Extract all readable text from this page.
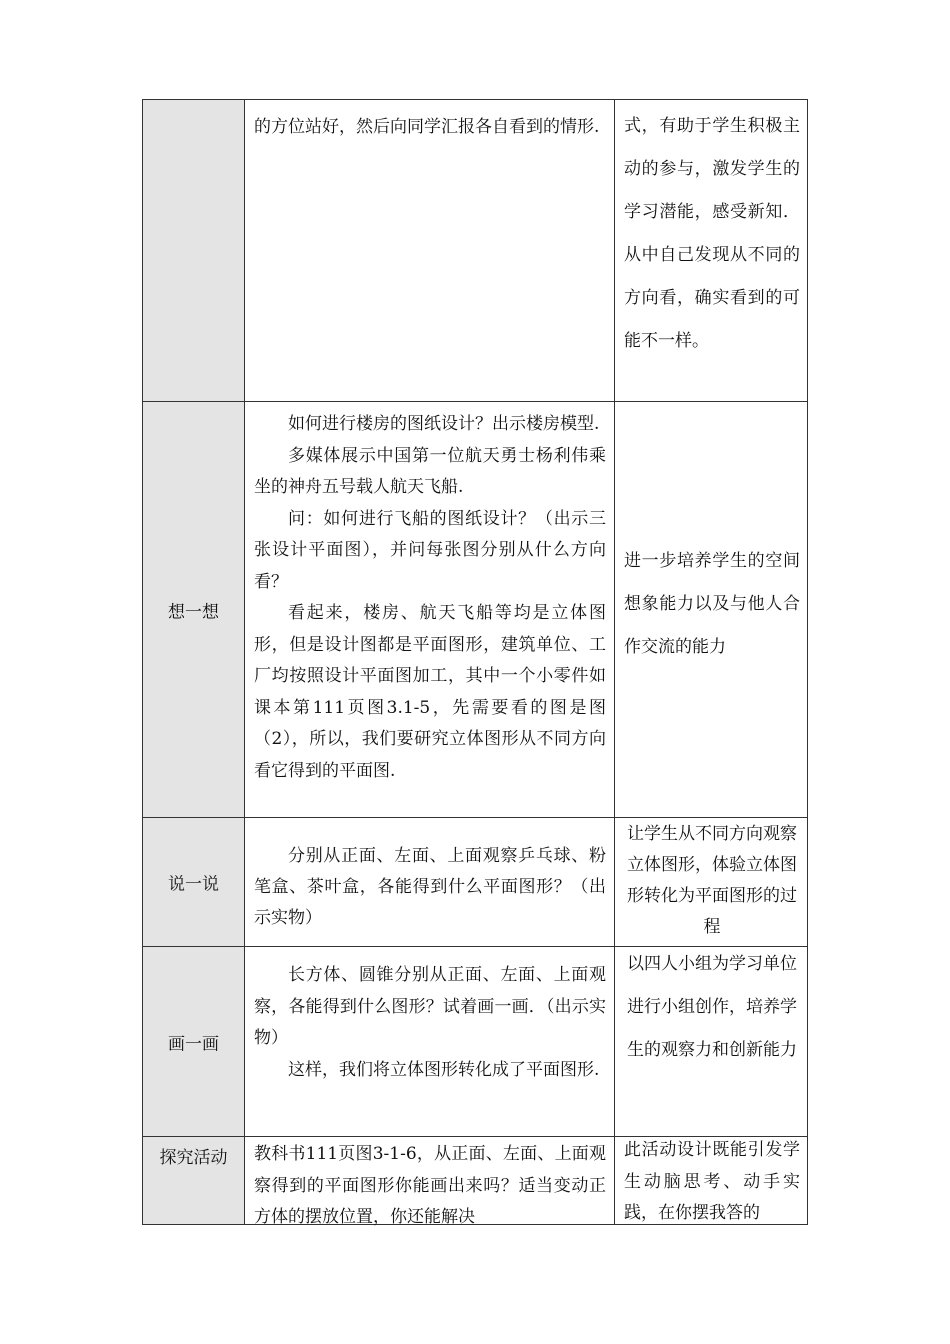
的方位站好，然后向同学汇报各自看到的情形.	式，有助于学生积极主动的参与，激发学生的学习潜能，感受新知．从中自己发现从不同的方向看，确实看到的可能不一样。
想一想

如何进行楼房的图纸设计？出示楼房模型.

多媒体展示中国第一位航天勇士杨利伟乘坐的神舟五号载人航天飞船.

问：如何进行飞船的图纸设计？（出示三张设计平面图），并问每张图分别从什么方向看？

看起来，楼房、航天飞船等均是立体图形，但是设计图都是平面图形，建筑单位、工厂均按照设计平面图加工，其中一个小零件如课本第111页图3.1-5，先需要看的图是图（2），所以，我们要研究立体图形从不同方向看它得到的平面图.

进一步培养学生的空间想象能力以及与他人合作交流的能力
说一说

分别从正面、左面、上面观察乒乓球、粉笔盒、茶叶盒，各能得到什么平面图形？（出示实物）

让学生从不同方向观察立体图形，体验立体图形转化为平面图形的过程
画一画

长方体、圆锥分别从正面、左面、上面观察，各能得到什么图形？试着画一画．（出示实物）

这样，我们将立体图形转化成了平面图形.

以四人小组为学习单位进行小组创作，培养学生的观察力和创新能力
探究活动	教科书111页图3-1-6，从正面、左面、上面观察得到的平面图形你能画出来吗？适当变动正方体的摆放位置，你还能解决

此活动设计既能引发学生动脑思考、动手实践，在你摆我答的
